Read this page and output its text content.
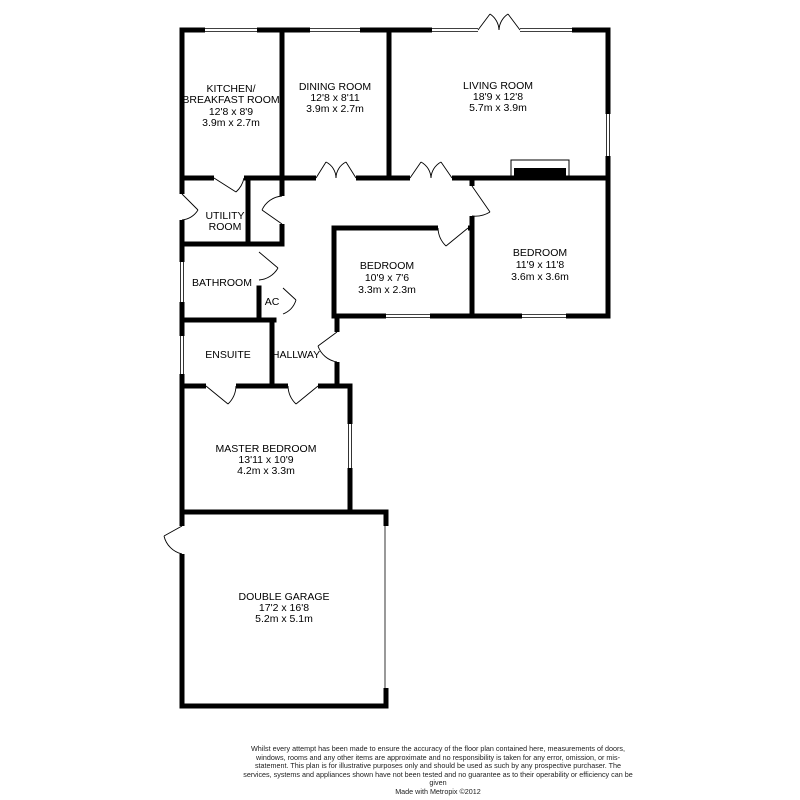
KITCHEN/
BREAKFAST ROOM
12'8 x 8'9
3.9m x 2.7m
DINING ROOM
12'8 x 8'11
3.9m x 2.7m
LIVING ROOM
18'9 x 12'8
5.7m x 3.9m
UTILITY
ROOM
BEDROOM
10'9 x 7'6
3.3m x 2.3m
BEDROOM
11'9 x 11'8
3.6m x 3.6m
BATHROOM
AC
ENSUITE HALLWAY
MASTER BEDROOM
13'11 x 10'9
4.2m x 3.3m
DOUBLE GARAGE
17'2 x 16'8
5.2m x 5.1m
Whilst every attempt has been made to ensure the accuracy of the floor plan contained here, measurements of doors, windows, rooms and any other items are approximate and no responsibility is taken for any error, omission, or mis-statement. This plan is for illustrative purposes only and should be used as such by any prospective purchaser. The services, systems and appliances shown have not been tested and no guarantee as to their operability or efficiency can be given
Made with Metropix ©2012
